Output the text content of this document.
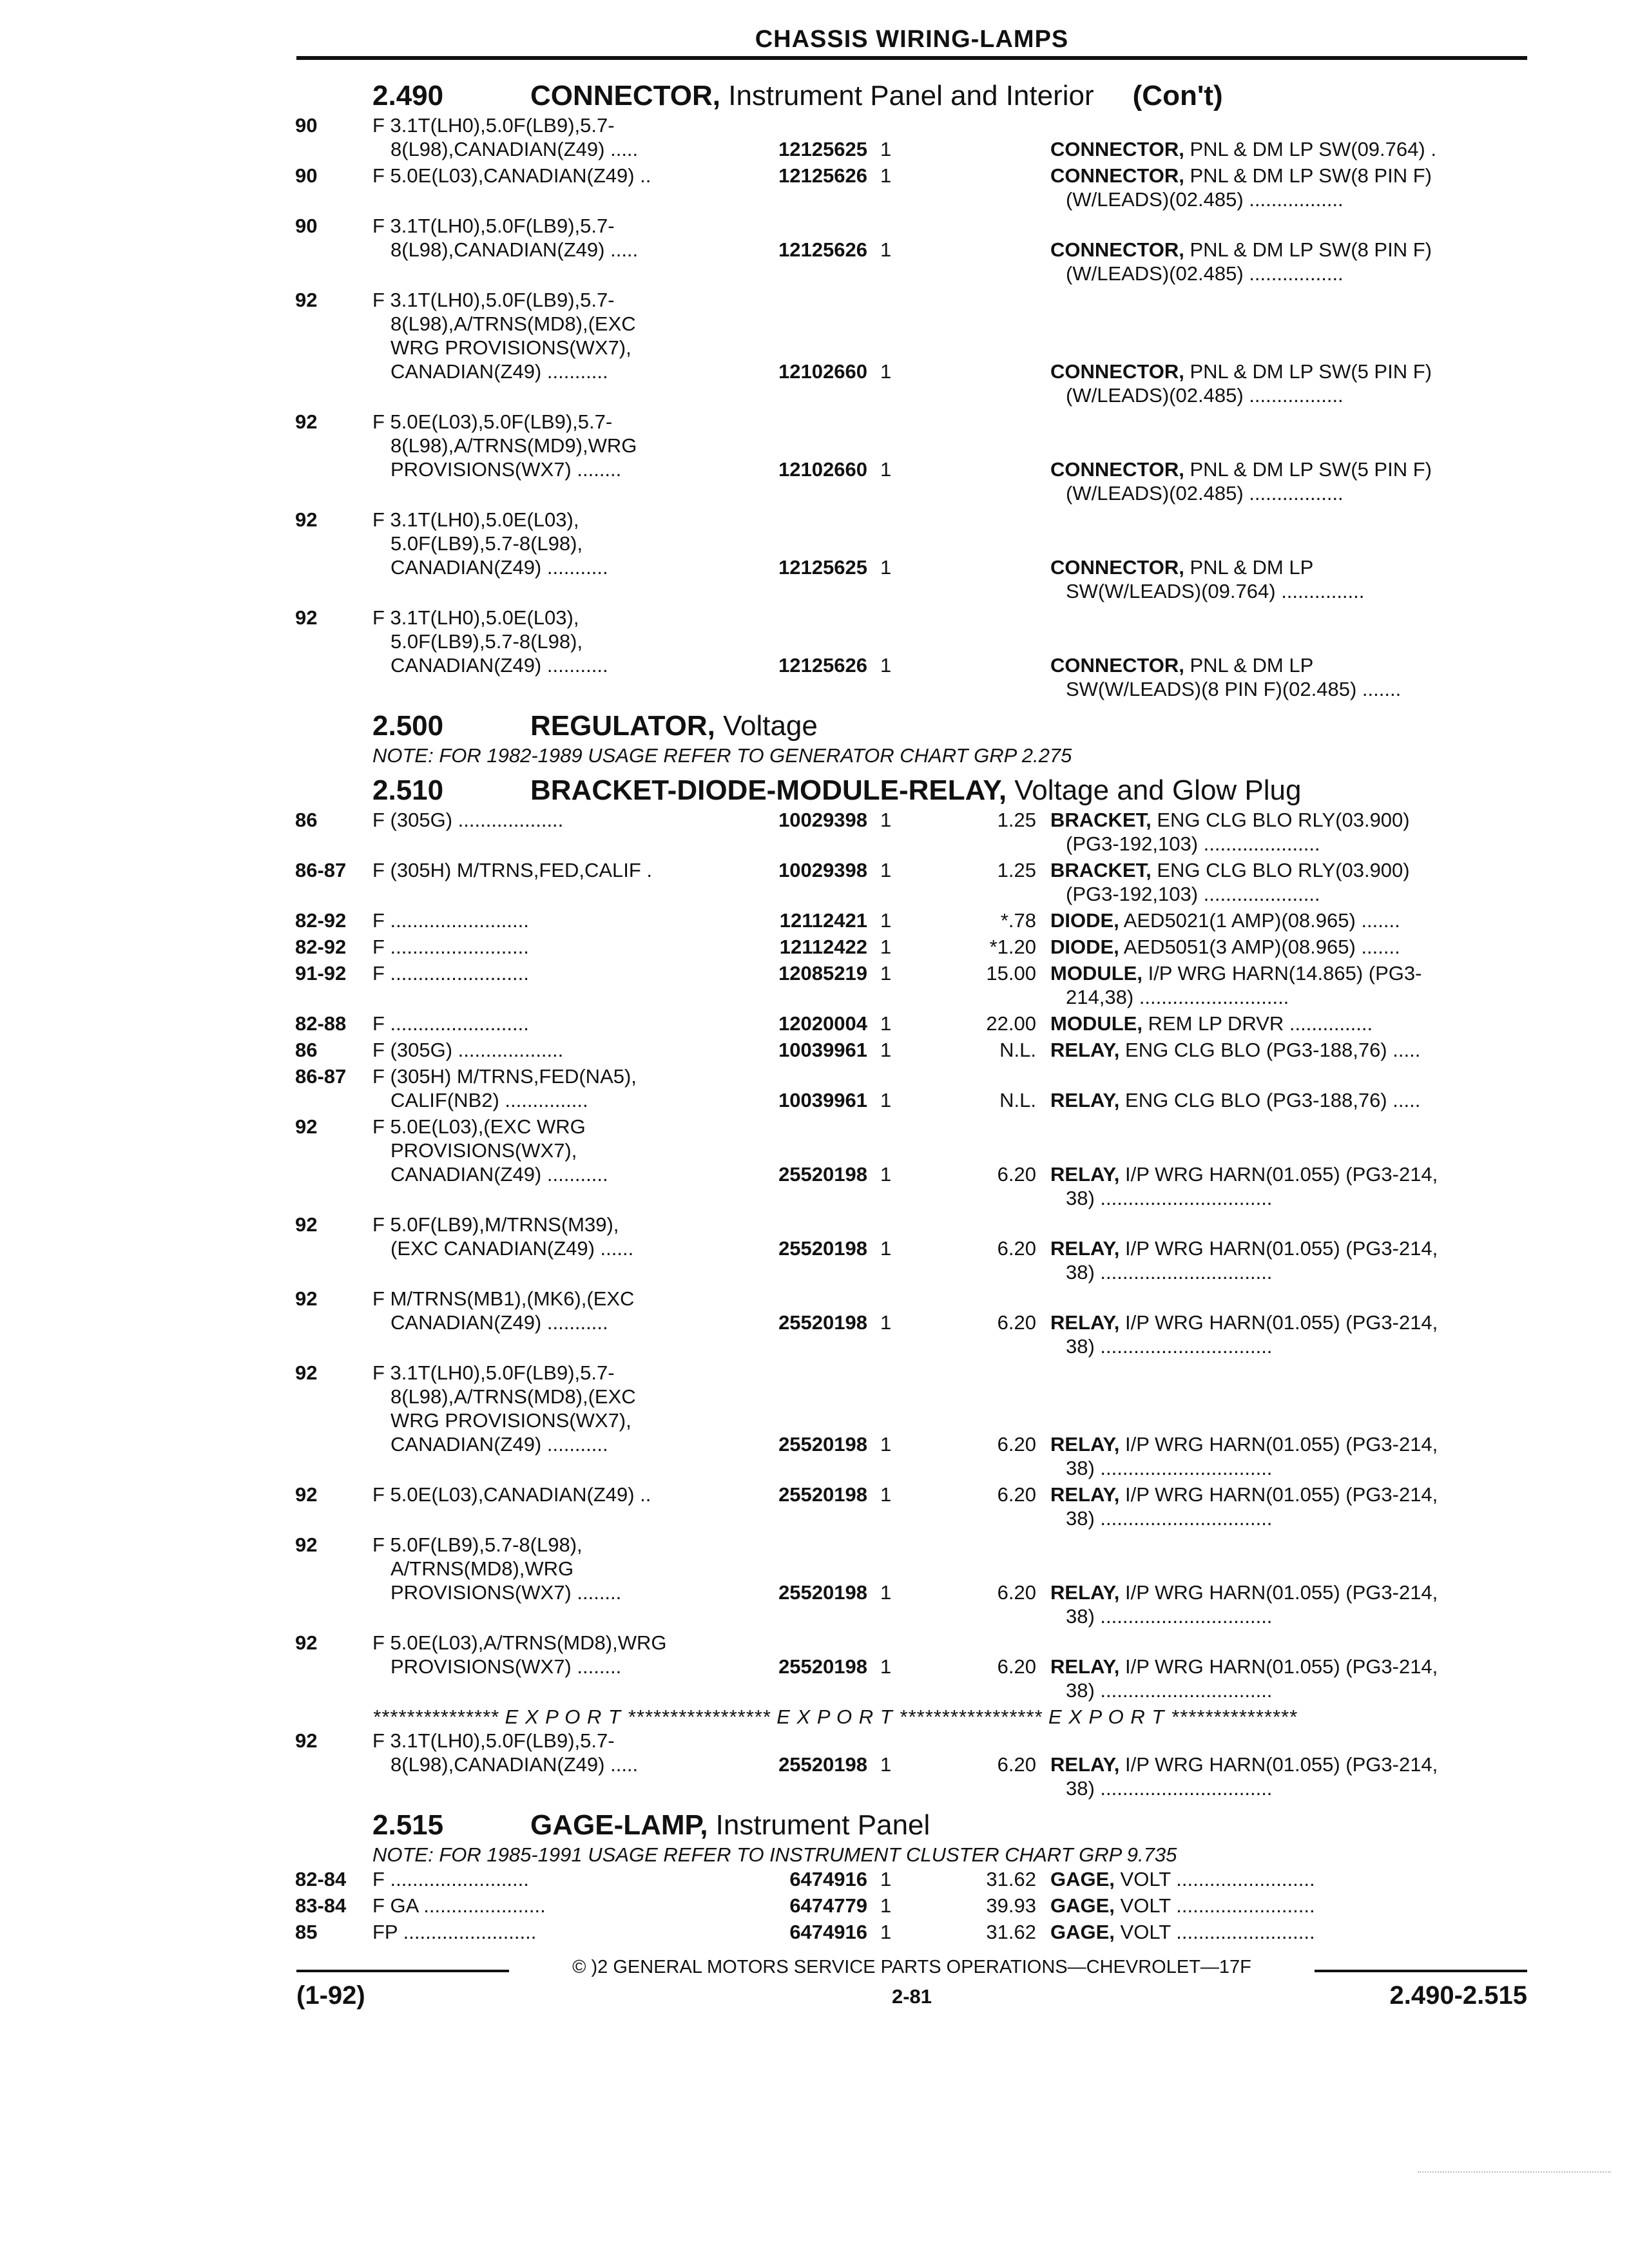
CHASSIS WIRING-LAMPS
2.490	CONNECTOR, Instrument Panel and Interior (Con't)
90	F 3.1T(LH0),5.0F(LB9),5.7-
8(L98),CANADIAN(Z49) .....	12125625 1	CONNECTOR, PNL & DM LP SW(09.764) .
90	F 5.0E(L03),CANADIAN(Z49) ..	12125626 1	CONNECTOR, PNL & DM LP SW(8 PIN F)
(W/LEADS)(02.485) .................
90	F 3.1T(LH0),5.0F(LB9),5.7-
8(L98),CANADIAN(Z49) .....	12125626 1	CONNECTOR, PNL & DM LP SW(8 PIN F)
(W/LEADS)(02.485) .................
92	F 3.1T(LH0),5.0F(LB9),5.7-
8(L98),A/TRNS(MD8),(EXC
WRG PROVISIONS(WX7),
CANADIAN(Z49) ...........	12102660 1	CONNECTOR, PNL & DM LP SW(5 PIN F)
(W/LEADS)(02.485) .................
92	F 5.0E(L03),5.0F(LB9),5.7-
8(L98),A/TRNS(MD9),WRG
PROVISIONS(WX7) ........	12102660 1	CONNECTOR, PNL & DM LP SW(5 PIN F)
(W/LEADS)(02.485) .................
92	F 3.1T(LH0),5.0E(L03),
5.0F(LB9),5.7-8(L98),
CANADIAN(Z49) ...........	12125625 1	CONNECTOR, PNL & DM LP
SW(W/LEADS)(09.764) ...............
92	F 3.1T(LH0),5.0E(L03),
5.0F(LB9),5.7-8(L98),
CANADIAN(Z49) ...........	12125626 1	CONNECTOR, PNL & DM LP
SW(W/LEADS)(8 PIN F)(02.485) .......
2.500	REGULATOR, Voltage
NOTE: FOR 1982-1989 USAGE REFER TO GENERATOR CHART GRP 2.275
2.510	BRACKET-DIODE-MODULE-RELAY, Voltage and Glow Plug
86	F (305G) ...................	10029398 1	1.25 BRACKET, ENG CLG BLO RLY(03.900)
(PG3-192,103) .....................
86-87 F (305H) M/TRNS,FED,CALIF .	10029398 1	1.25 BRACKET, ENG CLG BLO RLY(03.900)
(PG3-192,103) .....................
82-92 F .........................	12112421 1	*.78 DIODE, AED5021(1 AMP)(08.965) .......
82-92 F .........................	12112422 1	*1.20 DIODE, AED5051(3 AMP)(08.965) .......
91-92 F .........................	12085219 1	15.00 MODULE, I/P WRG HARN(14.865) (PG3-
214,38) ...........................
82-88 F .........................	12020004 1	22.00 MODULE, REM LP DRVR ...............
86	F (305G) ...................	10039961 1	N.L. RELAY, ENG CLG BLO (PG3-188,76) .....
86-87 F (305H) M/TRNS,FED(NA5),
CALIF(NB2) ...............	10039961 1	N.L. RELAY, ENG CLG BLO (PG3-188,76) .....
92	F 5.0E(L03),(EXC WRG
PROVISIONS(WX7),
CANADIAN(Z49) ...........	25520198 1	6.20 RELAY, I/P WRG HARN(01.055) (PG3-214,
38) ...............................
92	F 5.0F(LB9),M/TRNS(M39),
(EXC CANADIAN(Z49) ......	25520198 1	6.20 RELAY, I/P WRG HARN(01.055) (PG3-214,
38) ...............................
92	F M/TRNS(MB1),(MK6),(EXC
CANADIAN(Z49) ...........	25520198 1	6.20 RELAY, I/P WRG HARN(01.055) (PG3-214,
38) ...............................
92	F 3.1T(LH0),5.0F(LB9),5.7-
8(L98),A/TRNS(MD8),(EXC
WRG PROVISIONS(WX7),
CANADIAN(Z49) ...........	25520198 1	6.20 RELAY, I/P WRG HARN(01.055) (PG3-214,
38) ...............................
92	F 5.0E(L03),CANADIAN(Z49) ..	25520198 1	6.20 RELAY, I/P WRG HARN(01.055) (PG3-214,
38) ...............................
92	F 5.0F(LB9),5.7-8(L98),
A/TRNS(MD8),WRG
PROVISIONS(WX7) ........	25520198 1	6.20 RELAY, I/P WRG HARN(01.055) (PG3-214,
38) ...............................
92	F 5.0E(L03),A/TRNS(MD8),WRG
PROVISIONS(WX7) ........	25520198 1	6.20 RELAY, I/P WRG HARN(01.055) (PG3-214,
38) ...............................
*************** E X P O R T ***************** E X P O R T ***************** E X P O R T ***************
92	F 3.1T(LH0),5.0F(LB9),5.7-
8(L98),CANADIAN(Z49) .....	25520198 1	6.20 RELAY, I/P WRG HARN(01.055) (PG3-214,
38) ...............................
2.515	GAGE-LAMP, Instrument Panel
NOTE: FOR 1985-1991 USAGE REFER TO INSTRUMENT CLUSTER CHART GRP 9.735
82-84 F .........................	6474916 1	31.62 GAGE, VOLT .........................
83-84 F GA ......................	6474779 1	39.93 GAGE, VOLT .........................
85	FP ........................	6474916 1	31.62 GAGE, VOLT .........................
© )2 GENERAL MOTORS SERVICE PARTS OPERATIONS—CHEVROLET—17F
(1-92)	2-81	2.490-2.515
